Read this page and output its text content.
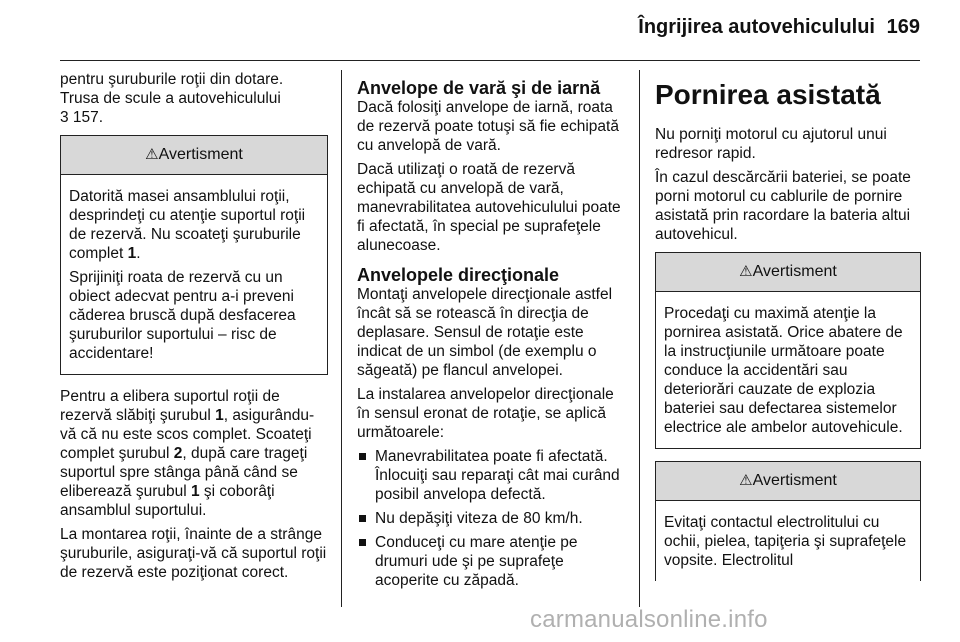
Îngrijirea autovehiculului 169

pentru şuruburile roţii din dotare.
Trusa de scule a autovehiculului
3 157.

⚠Avertisment

Datorită masei ansamblului roţii, desprindeţi cu atenţie suportul roţii de rezervă. Nu scoateţi şuruburile complet 1.

Sprijiniţi roata de rezervă cu un obiect adecvat pentru a-i preveni căderea bruscă după desfacerea şuruburilor suportului – risc de accidentare!

Pentru a elibera suportul roţii de rezervă slăbiţi şurubul 1, asigurându-vă că nu este scos complet. Scoateţi complet şurubul 2, după care trageţi suportul spre stânga până când se eliberează şurubul 1 şi coborâţi ansamblul suportului.

La montarea roţii, înainte de a strânge şuruburile, asiguraţi-vă că suportul roţii de rezervă este poziţionat corect.

Anvelope de vară şi de iarnă

Dacă folosiţi anvelope de iarnă, roata de rezervă poate totuşi să fie echipată cu anvelopă de vară.

Dacă utilizaţi o roată de rezervă echipată cu anvelopă de vară, manevrabilitatea autovehiculului poate fi afectată, în special pe suprafeţele alunecoase.

Anvelopele direcţionale

Montaţi anvelopele direcţionale astfel încât să se rotească în direcţia de deplasare. Sensul de rotaţie este indicat de un simbol (de exemplu o săgeată) pe flancul anvelopei.

La instalarea anvelopelor direcţionale în sensul eronat de rotaţie, se aplică următoarele:

Manevrabilitatea poate fi afectată. Înlocuiţi sau reparaţi cât mai curând posibil anvelopa defectă.
Nu depăşiţi viteza de 80 km/h.
Conduceţi cu mare atenţie pe drumuri ude şi pe suprafeţe acoperite cu zăpadă.
Pornirea asistată

Nu porniţi motorul cu ajutorul unui redresor rapid.

În cazul descărcării bateriei, se poate porni motorul cu cablurile de pornire asistată prin racordare la bateria altui autovehicul.

⚠Avertisment

Procedaţi cu maximă atenţie la pornirea asistată. Orice abatere de la instrucţiunile următoare poate conduce la accidentări sau deteriorări cauzate de explozia bateriei sau defectarea sistemelor electrice ale ambelor autovehicule.

⚠Avertisment

Evitaţi contactul electrolitului cu ochii, pielea, tapiţeria şi suprafeţele vopsite. Electrolitul

carmanualsonline.info
